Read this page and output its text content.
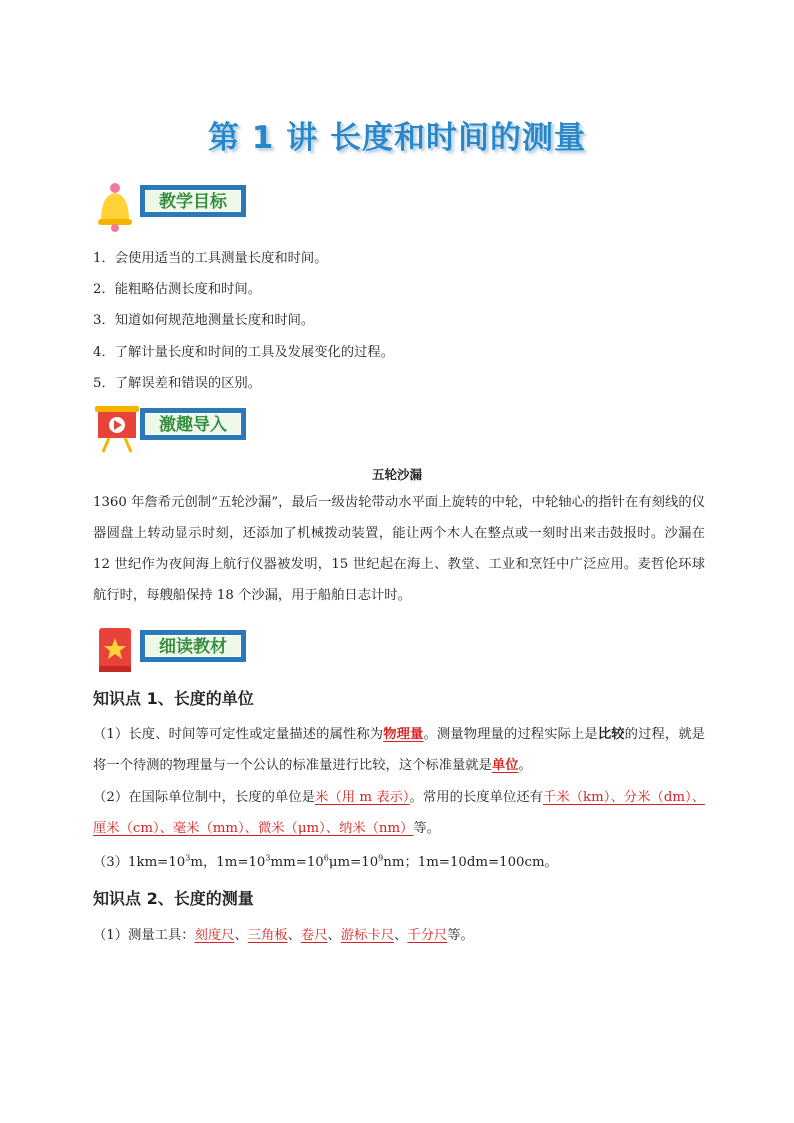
第 1 讲 长度和时间的测量
教学目标
1．会使用适当的工具测量长度和时间。
2．能粗略估测长度和时间。
3．知道如何规范地测量长度和时间。
4．了解计量长度和时间的工具及发展变化的过程。
5．了解误差和错误的区别。
激趣导入
五轮沙漏
1360 年詹希元创制“五轮沙漏”，最后一级齿轮带动水平面上旋转的中轮，中轮轴心的指针在有刻线的仪器圆盘上转动显示时刻，还添加了机械拨动装置，能让两个木人在整点或一刻时出来击鼓报时。沙漏在 12 世纪作为夜间海上航行仪器被发明，15 世纪起在海上、教堂、工业和烹饪中广泛应用。麦哲伦环球航行时，每艘船保持 18 个沙漏，用于船舶日志计时。
细读教材
知识点 1、长度的单位
（1）长度、时间等可定性或定量描述的属性称为物理量。测量物理量的过程实际上是比较的过程，就是将一个待测的物理量与一个公认的标准量进行比较，这个标准量就是单位。
（2）在国际单位制中，长度的单位是米（用 m 表示）。常用的长度单位还有千米（km）、分米（dm）、厘米（cm）、毫米（mm）、微米（μm）、纳米（nm）等。
$(3)1km=10^3m$，$1m=10^3mm=10^6\mu m=10^9nm$；1m=10dm=100cm。
知识点 2、长度的测量
（1）测量工具：刻度尺、三角板、卷尺、游标卡尺、千分尺等。
